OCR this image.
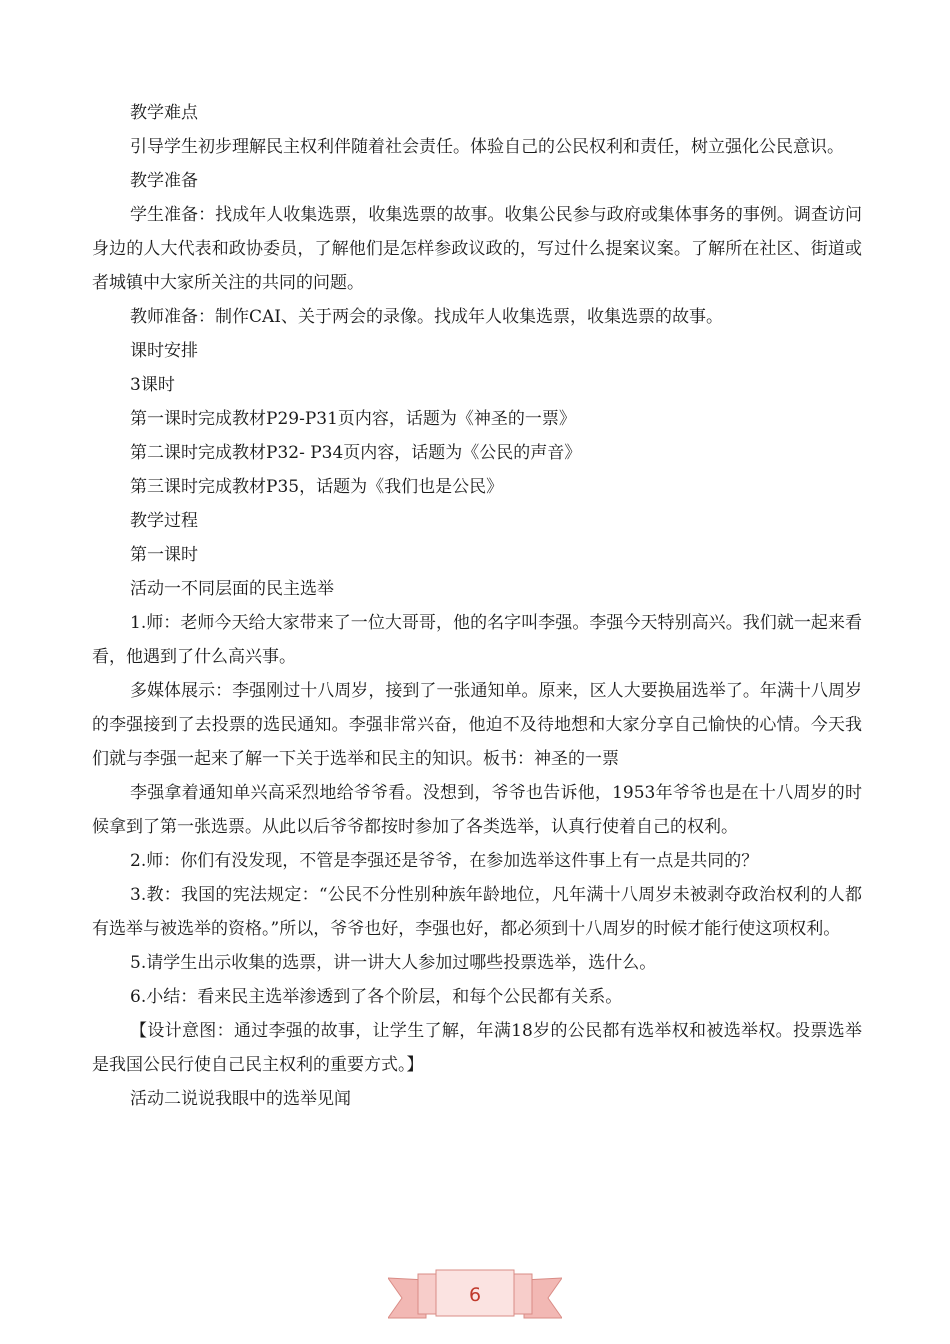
教学难点

引导学生初步理解民主权利伴随着社会责任。体验自己的公民权利和责任，树立强化公民意识。

教学准备

学生准备：找成年人收集选票，收集选票的故事。收集公民参与政府或集体事务的事例。调查访问身边的人大代表和政协委员，了解他们是怎样参政议政的，写过什么提案议案。了解所在社区、街道或者城镇中大家所关注的共同的问题。

教师准备：制作CAI、关于两会的录像。找成年人收集选票，收集选票的故事。

课时安排

3课时

第一课时完成教材P29-P31页内容，话题为《神圣的一票》

第二课时完成教材P32- P34页内容，话题为《公民的声音》

第三课时完成教材P35，话题为《我们也是公民》

教学过程

第一课时

活动一不同层面的民主选举

1.师：老师今天给大家带来了一位大哥哥，他的名字叫李强。李强今天特别高兴。我们就一起来看看，他遇到了什么高兴事。

多媒体展示：李强刚过十八周岁，接到了一张通知单。原来，区人大要换届选举了。年满十八周岁的李强接到了去投票的选民通知。李强非常兴奋，他迫不及待地想和大家分享自己愉快的心情。今天我们就与李强一起来了解一下关于选举和民主的知识。板书：神圣的一票

李强拿着通知单兴高采烈地给爷爷看。没想到，爷爷也告诉他，1953年爷爷也是在十八周岁的时候拿到了第一张选票。从此以后爷爷都按时参加了各类选举，认真行使着自己的权利。

2.师：你们有没发现，不管是李强还是爷爷，在参加选举这件事上有一点是共同的？

3.教：我国的宪法规定：“公民不分性别种族年龄地位，凡年满十八周岁未被剥夺政治权利的人都有选举与被选举的资格。”所以，爷爷也好，李强也好，都必须到十八周岁的时候才能行使这项权利。

5.请学生出示收集的选票，讲一讲大人参加过哪些投票选举，选什么。

6.小结：看来民主选举渗透到了各个阶层，和每个公民都有关系。

【设计意图：通过李强的故事，让学生了解，年满18岁的公民都有选举权和被选举权。投票选举是我国公民行使自己民主权利的重要方式。】

活动二说说我眼中的选举见闻

6
